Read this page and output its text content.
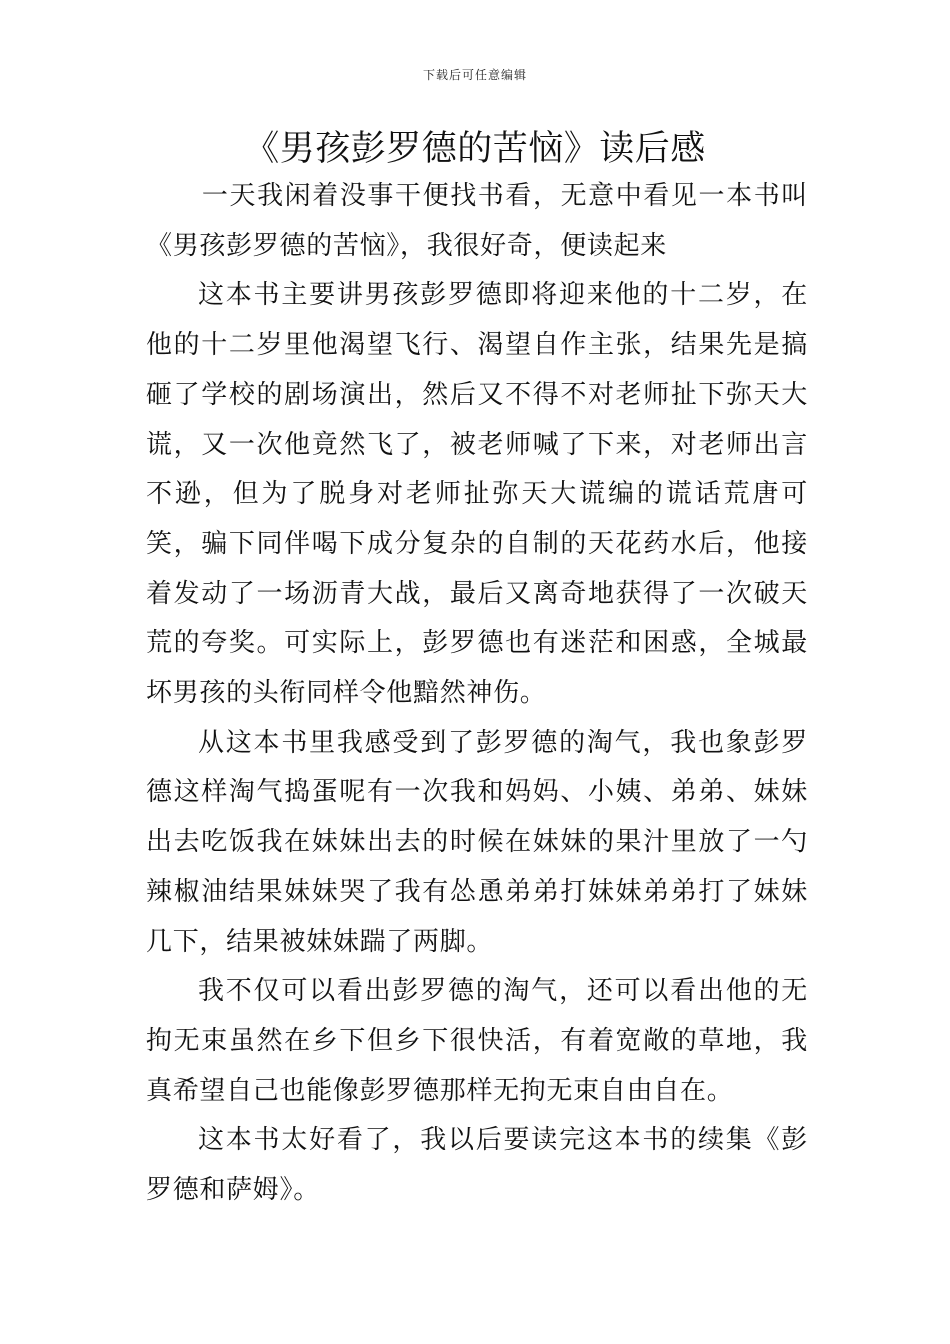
下载后可任意编辑
《男孩彭罗德的苦恼》读后感

一天我闲着没事干便找书看，无意中看见一本书叫《男孩彭罗德的苦恼》，我很好奇，便读起来

这本书主要讲男孩彭罗德即将迎来他的十二岁，在他的十二岁里他渴望飞行、渴望自作主张，结果先是搞砸了学校的剧场演出，然后又不得不对老师扯下弥天大谎，又一次他竟然飞了，被老师喊了下来，对老师出言不逊，但为了脱身对老师扯弥天大谎编的谎话荒唐可笑，骗下同伴喝下成分复杂的自制的天花药水后，他接着发动了一场沥青大战，最后又离奇地获得了一次破天荒的夸奖。可实际上，彭罗德也有迷茫和困惑，全城最坏男孩的头衔同样令他黯然神伤。

从这本书里我感受到了彭罗德的淘气，我也象彭罗德这样淘气捣蛋呢有一次我和妈妈、小姨、弟弟、妹妹出去吃饭我在妹妹出去的时候在妹妹的果汁里放了一勺辣椒油结果妹妹哭了我有怂恿弟弟打妹妹弟弟打了妹妹几下，结果被妹妹踹了两脚。

我不仅可以看出彭罗德的淘气，还可以看出他的无拘无束虽然在乡下但乡下很快活，有着宽敞的草地，我真希望自己也能像彭罗德那样无拘无束自由自在。

这本书太好看了，我以后要读完这本书的续集《彭罗德和萨姆》。
